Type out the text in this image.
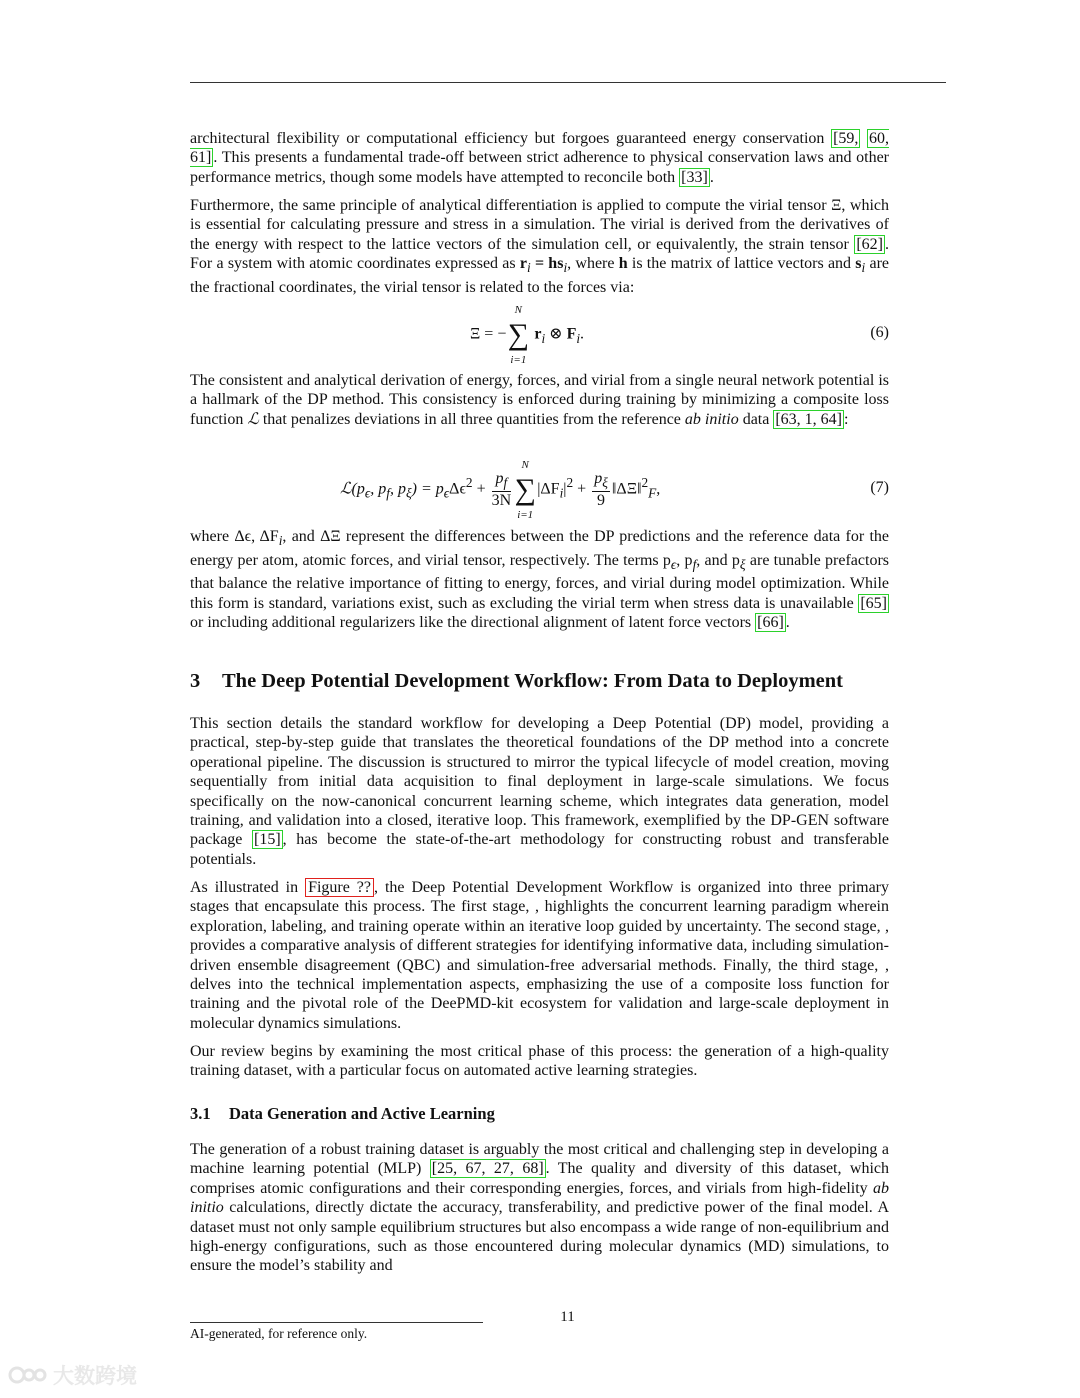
architectural flexibility or computational efficiency but forgoes guaranteed energy conservation [59, 60, 61] . This presents a fundamental trade-off between strict adherence to physical conservation laws and other performance metrics, though some models have attempted to reconcile both [33] .

Furthermore, the same principle of analytical differentiation is applied to compute the virial tensor Ξ, which is essential for calculating pressure and stress in a simulation. The virial is derived from the derivatives of the energy with respect to the lattice vectors of the simulation cell, or equivalently, the strain tensor [62] . For a system with atomic coordinates expressed as $r_i = hs_i$, where h is the matrix of lattice vectors and $s_i$ are the fractional coordinates, the virial tensor is related to the forces via:

Ξ = −
N
∑
i=1
$r_i$ ⊗ $F_i$.	(6)

The consistent and analytical derivation of energy, forces, and virial from a single neural network potential is a hallmark of the DP method. This consistency is enforced during training by minimizing a composite loss function ℒ that penalizes deviations in all three quantities from the reference ab initio data [63, 1, 64] :

$ℒ(p_\epsilon$, $p_f$, $p_\xi) = p_\epsilon\Delta\epsilon^2 + \frac{p_f}{3N}$
N
∑
i=1
$|\Delta F_i|^2 + \frac{p_\xi}{9}$ ‖ΔΞ‖$^2_F$,	(7)

where Δϵ, $\Delta F_i$, and ΔΞ represent the differences between the DP predictions and the reference data for the energy per atom, atomic forces, and virial tensor, respectively. The terms $p_\epsilon$, $p_f$, and $p_\xi$ are tunable prefactors that balance the relative importance of fitting to energy, forces, and virial during model optimization. While this form is standard, variations exist, such as excluding the virial term when stress data is unavailable [65] or including additional regularizers like the directional alignment of latent force vectors [66] .

3 The Deep Potential Development Workflow: From Data to Deployment

This section details the standard workflow for developing a Deep Potential (DP) model, providing a practical, step-by-step guide that translates the theoretical foundations of the DP method into a concrete operational pipeline. The discussion is structured to mirror the typical lifecycle of model creation, moving sequentially from initial data acquisition to final deployment in large-scale simulations. We focus specifically on the now-canonical concurrent learning scheme, which integrates data generation, model training, and validation into a closed, iterative loop. This framework, exemplified by the DP-GEN software package [15] , has become the state-of-the-art methodology for constructing robust and transferable potentials.

As illustrated in Figure ?? , the Deep Potential Development Workflow is organized into three primary stages that encapsulate this process. The first stage, , highlights the concurrent learning paradigm wherein exploration, labeling, and training operate within an iterative loop guided by uncertainty. The second stage, , provides a comparative analysis of different strategies for identifying informative data, including simulation-driven ensemble disagreement (QBC) and simulation-free adversarial methods. Finally, the third stage, , delves into the technical implementation aspects, emphasizing the use of a composite loss function for training and the pivotal role of the DeePMD-kit ecosystem for validation and large-scale deployment in molecular dynamics simulations.

Our review begins by examining the most critical phase of this process: the generation of a high-quality training dataset, with a particular focus on automated active learning strategies.

3.1 Data Generation and Active Learning

The generation of a robust training dataset is arguably the most critical and challenging step in developing a machine learning potential (MLP) [25, 67, 27, 68] . The quality and diversity of this dataset, which comprises atomic configurations and their corresponding energies, forces, and virials from high-fidelity ab initio calculations, directly dictate the accuracy, transferability, and predictive power of the final model. A dataset must not only sample equilibrium structures but also encompass a wide range of non-equilibrium and high-energy configurations, such as those encountered during molecular dynamics (MD) simulations, to ensure the model’s stability and

11
AI-generated, for reference only.
大数跨境
